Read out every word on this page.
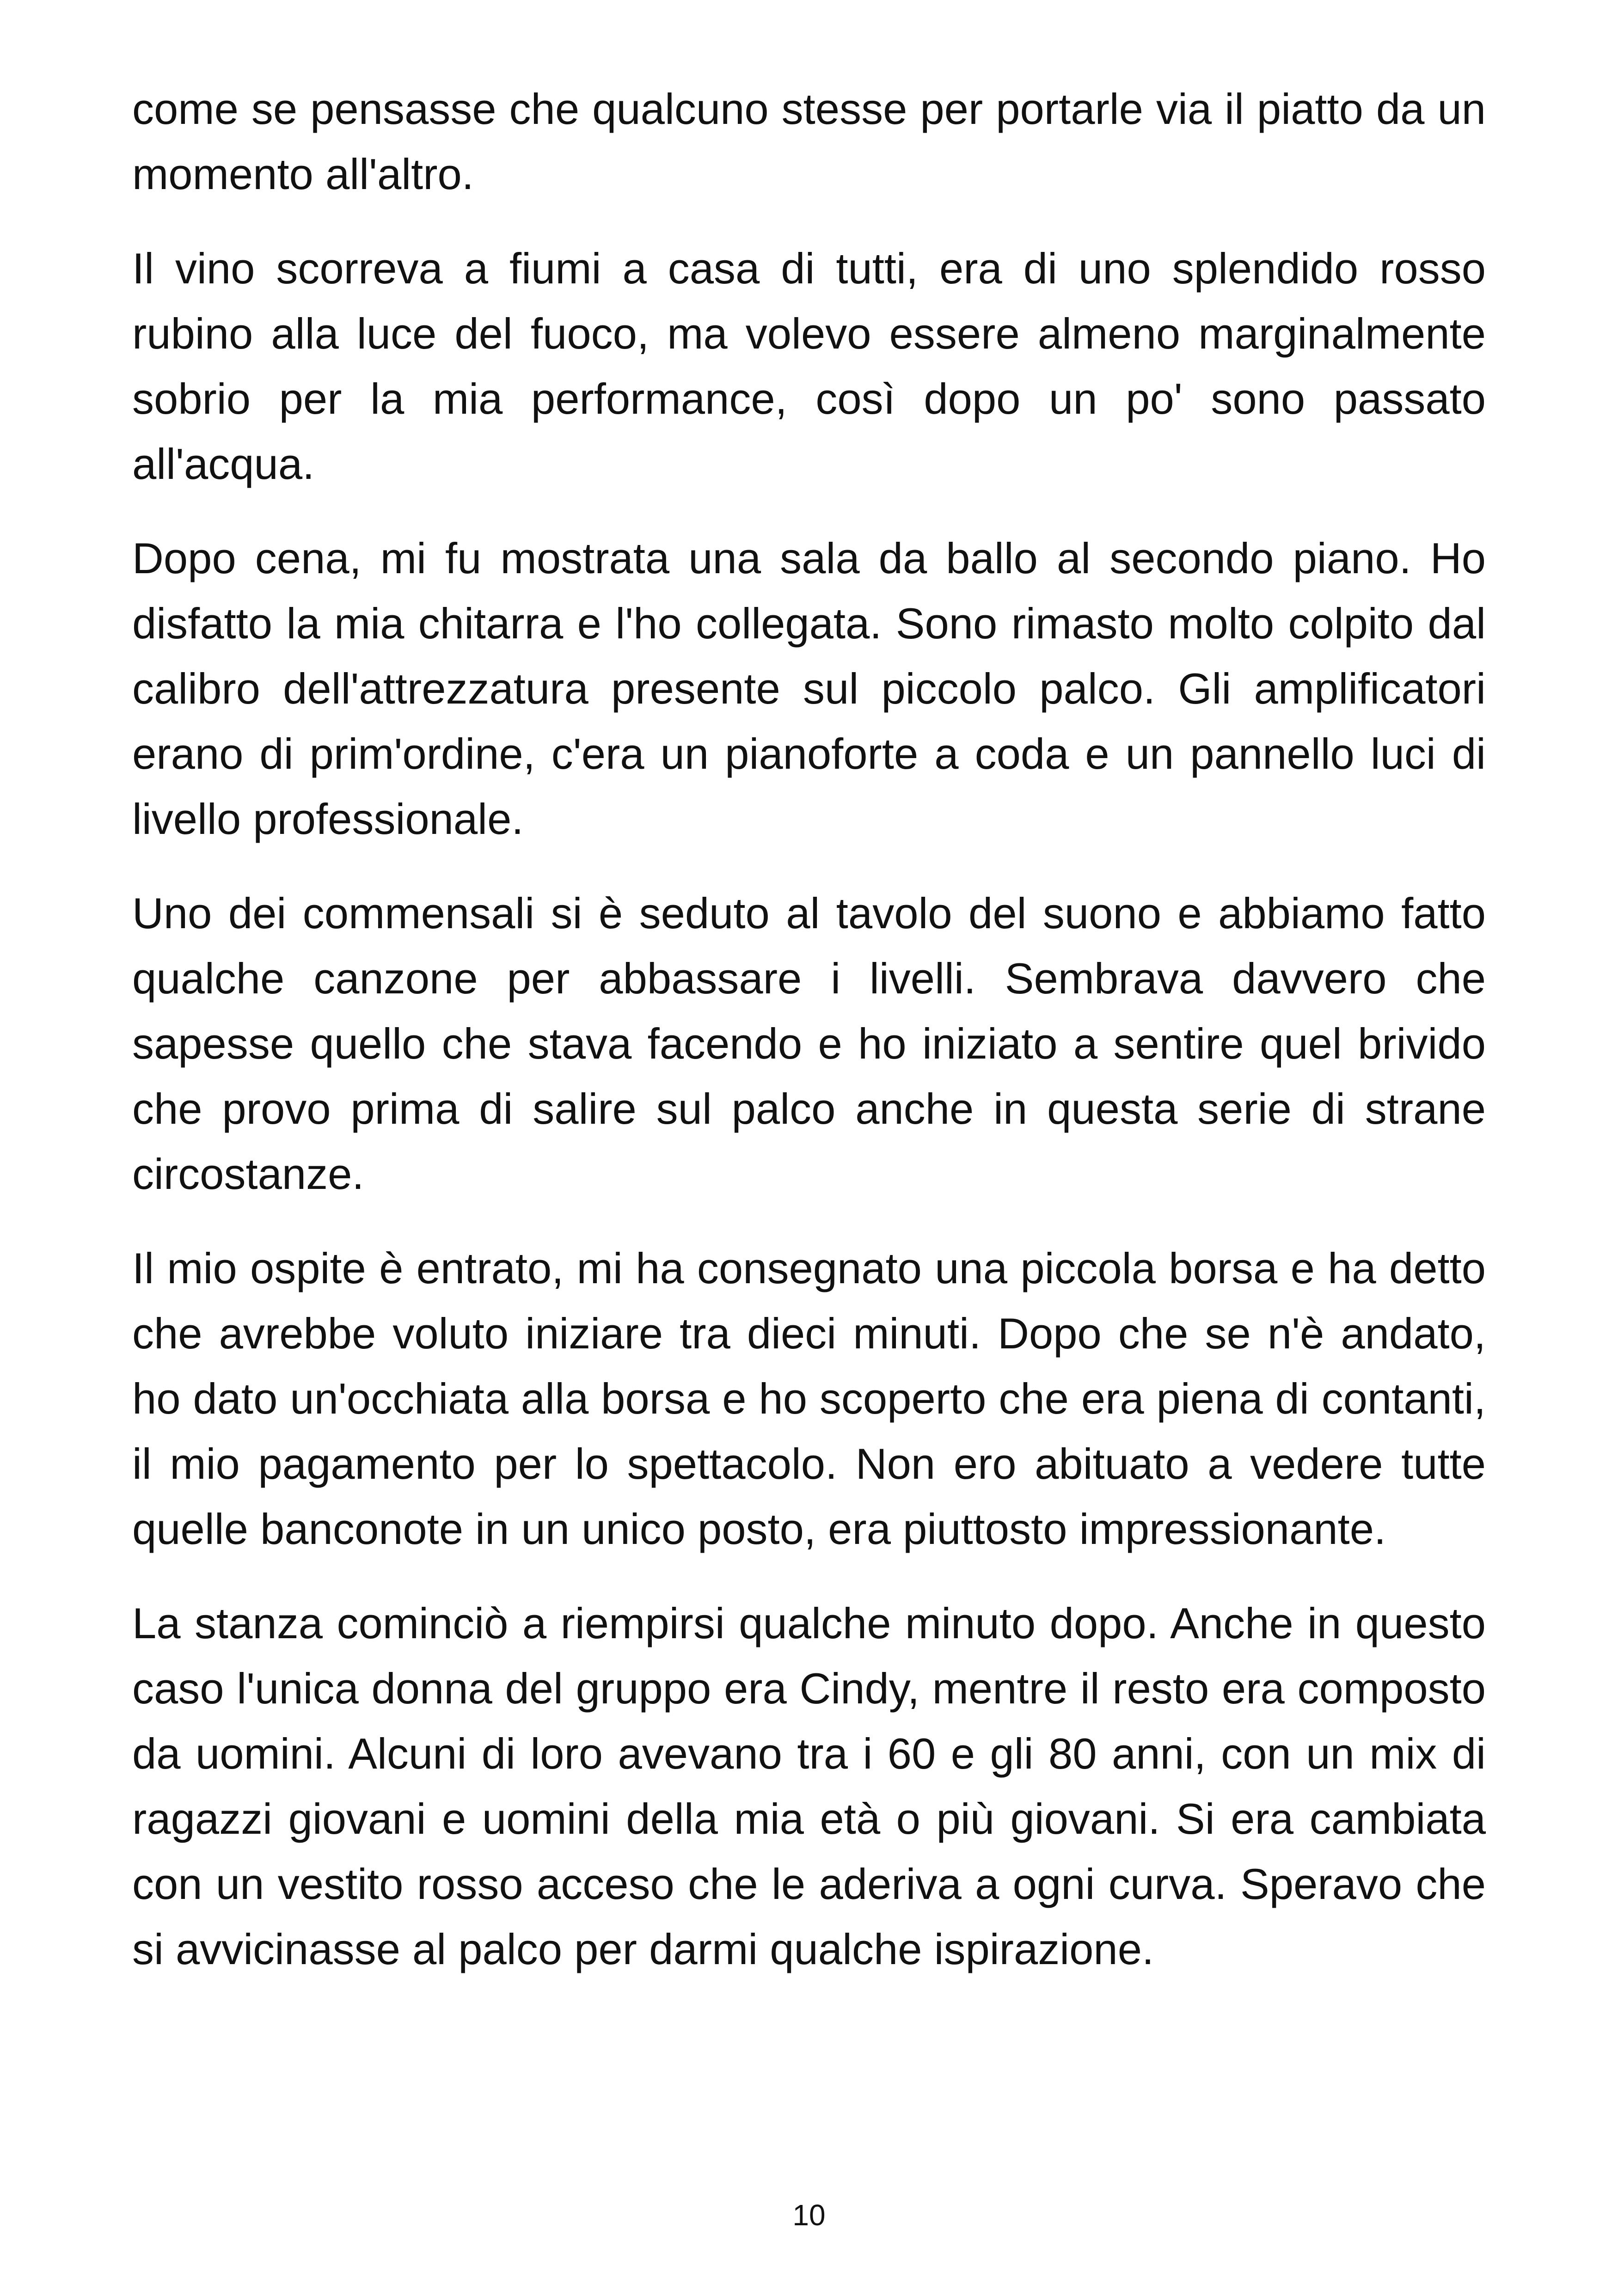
come se pensasse che qualcuno stesse per portarle via il piatto da un momento all'altro.

Il vino scorreva a fiumi a casa di tutti, era di uno splendido rosso rubino alla luce del fuoco, ma volevo essere almeno marginalmente sobrio per la mia performance, così dopo un po' sono passato all'acqua.

Dopo cena, mi fu mostrata una sala da ballo al secondo piano. Ho disfatto la mia chitarra e l'ho collegata. Sono rimasto molto colpito dal calibro dell'attrezzatura presente sul piccolo palco. Gli amplificatori erano di prim'ordine, c'era un pianoforte a coda e un pannello luci di livello professionale.

Uno dei commensali si è seduto al tavolo del suono e abbiamo fatto qualche canzone per abbassare i livelli. Sembrava davvero che sapesse quello che stava facendo e ho iniziato a sentire quel brivido che provo prima di salire sul palco anche in questa serie di strane circostanze.

Il mio ospite è entrato, mi ha consegnato una piccola borsa e ha detto che avrebbe voluto iniziare tra dieci minuti. Dopo che se n'è andato, ho dato un'occhiata alla borsa e ho scoperto che era piena di contanti, il mio pagamento per lo spettacolo. Non ero abituato a vedere tutte quelle banconote in un unico posto, era piuttosto impressionante.

La stanza cominciò a riempirsi qualche minuto dopo. Anche in questo caso l'unica donna del gruppo era Cindy, mentre il resto era composto da uomini. Alcuni di loro avevano tra i 60 e gli 80 anni, con un mix di ragazzi giovani e uomini della mia età o più giovani. Si era cambiata con un vestito rosso acceso che le aderiva a ogni curva. Speravo che si avvicinasse al palco per darmi qualche ispirazione.

10
